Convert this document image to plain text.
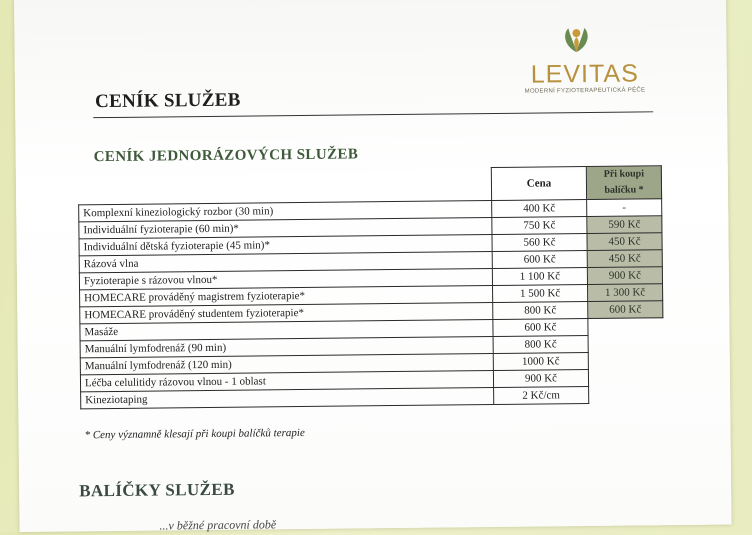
LEVITAS
MODERNÍ FYZIOTERAPEUTICKÁ PÉČE
CENÍK SLUŽEB
CENÍK JEDNORÁZOVÝCH SLUŽEB
	Cena	Při koupi balíčku *
Komplexní kineziologický rozbor (30 min)	400 Kč	-
Individuální fyzioterapie (60 min)*	750 Kč	590 Kč
Individuální dětská fyzioterapie (45 min)*	560 Kč	450 Kč
Rázová vlna	600 Kč	450 Kč
Fyzioterapie s rázovou vlnou*	1 100 Kč	900 Kč
HOMECARE prováděný magistrem fyzioterapie*	1 500 Kč	1 300 Kč
HOMECARE prováděný studentem fyzioterapie*	800 Kč	600 Kč
Masáže	600 Kč	
Manuální lymfodrenáž (90 min)	800 Kč	
Manuální lymfodrenáž (120 min)	1000 Kč	
Léčba celulitidy rázovou vlnou - 1 oblast	900 Kč	
Kineziotaping	2 Kč/cm	
* Ceny významně klesají při koupi balíčků terapie
BALÍČKY SLUŽEB
...v běžné pracovní době
